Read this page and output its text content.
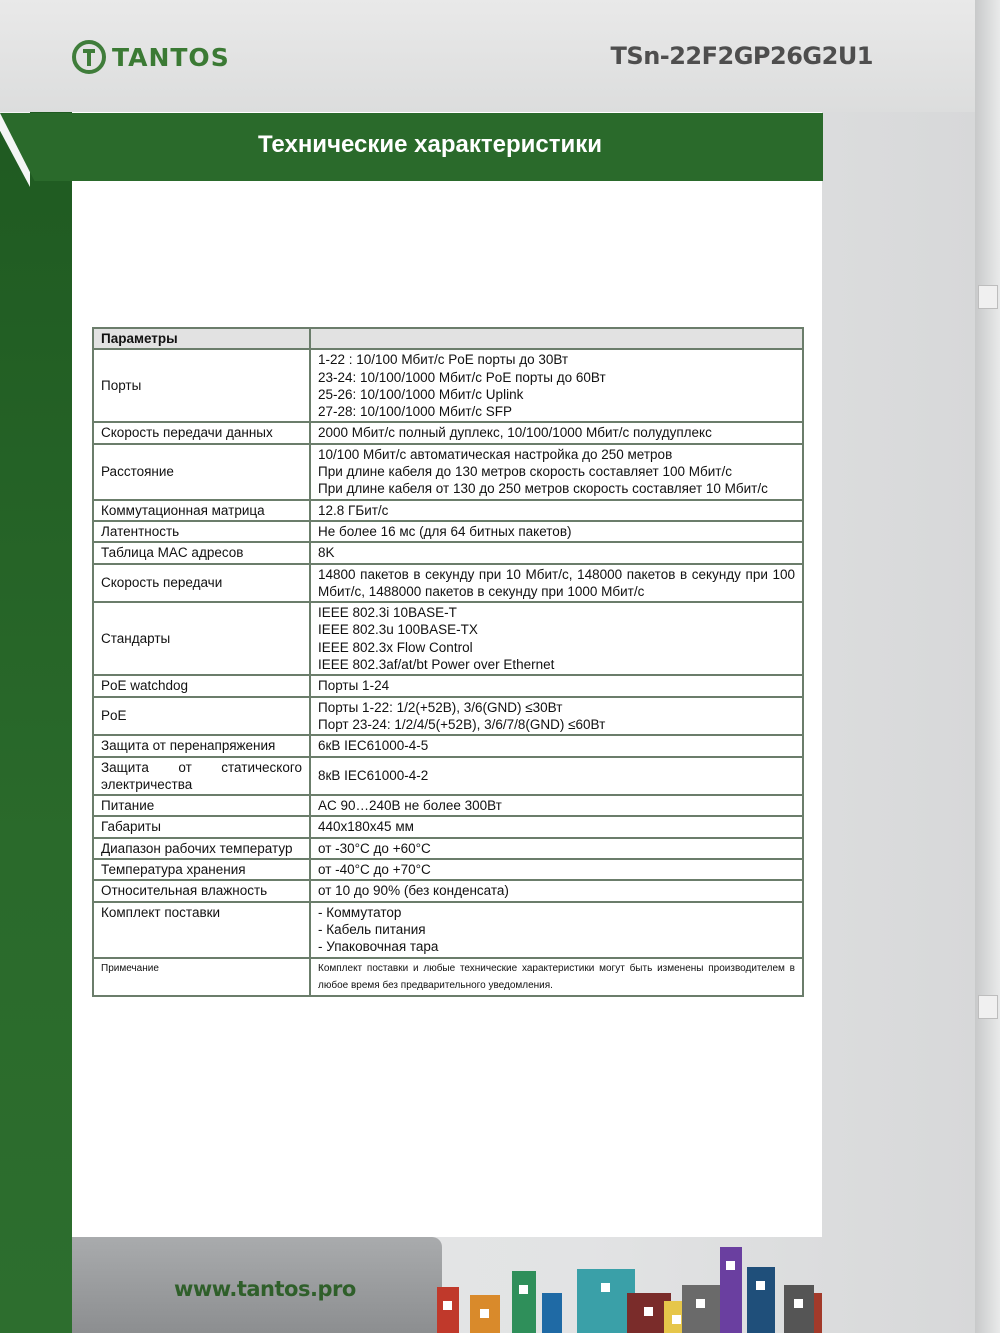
TANTOS	TSn-22F2GP26G2U1
Технические характеристики
Параметры	
Порты	1-22 : 10/100 Мбит/с PoE порты до 30Вт
23-24: 10/100/1000 Мбит/с PoE порты до 60Вт
25-26: 10/100/1000 Мбит/с Uplink
27-28: 10/100/1000 Мбит/с SFP

Скорость передачи данных	2000 Мбит/с полный дуплекс, 10/100/1000 Мбит/с полудуплекс

Расстояние	10/100 Мбит/с автоматическая настройка до 250 метров
При длине кабеля до 130 метров скорость составляет 100 Мбит/с
При длине кабеля от 130 до 250 метров скорость составляет 10 Мбит/с

Коммутационная матрица	12.8 ГБит/с

Латентность	Не более 16 мс (для 64 битных пакетов)

Таблица MAC адресов	8K

Скорость передачи	14800 пакетов в секунду при 10 Мбит/с, 148000 пакетов в секунду при 100 Мбит/с, 1488000 пакетов в секунду при 1000 Мбит/с
Стандарты	IEEE 802.3i 10BASE-T
IEEE 802.3u 100BASE-TX
IEEE 802.3x Flow Control
IEEE 802.3af/at/bt Power over Ethernet

PoE watchdog	Порты 1-24

PoE	Порты 1-22: 1/2(+52В), 3/6(GND) ≤30Вт
Порт 23-24: 1/2/4/5(+52В), 3/6/7/8(GND) ≤60Вт

Защита от перенапряжения	6кВ IEC61000-4-5

Защита от статического электричества	8кВ IEC61000-4-2

Питание	AC 90…240В не более 300Вт

Габариты	440x180x45 мм

Диапазон рабочих температур	от -30°C до +60°C

Температура хранения	от -40°C до +70°C

Относительная влажность	от 10 до 90% (без конденсата)

Комплект поставки	- Коммутатор
- Кабель питания
- Упаковочная тара

Примечание	Комплект поставки и любые технические характеристики могут быть изменены производителем в любое время без предварительного уведомления.
www.tantos.pro
